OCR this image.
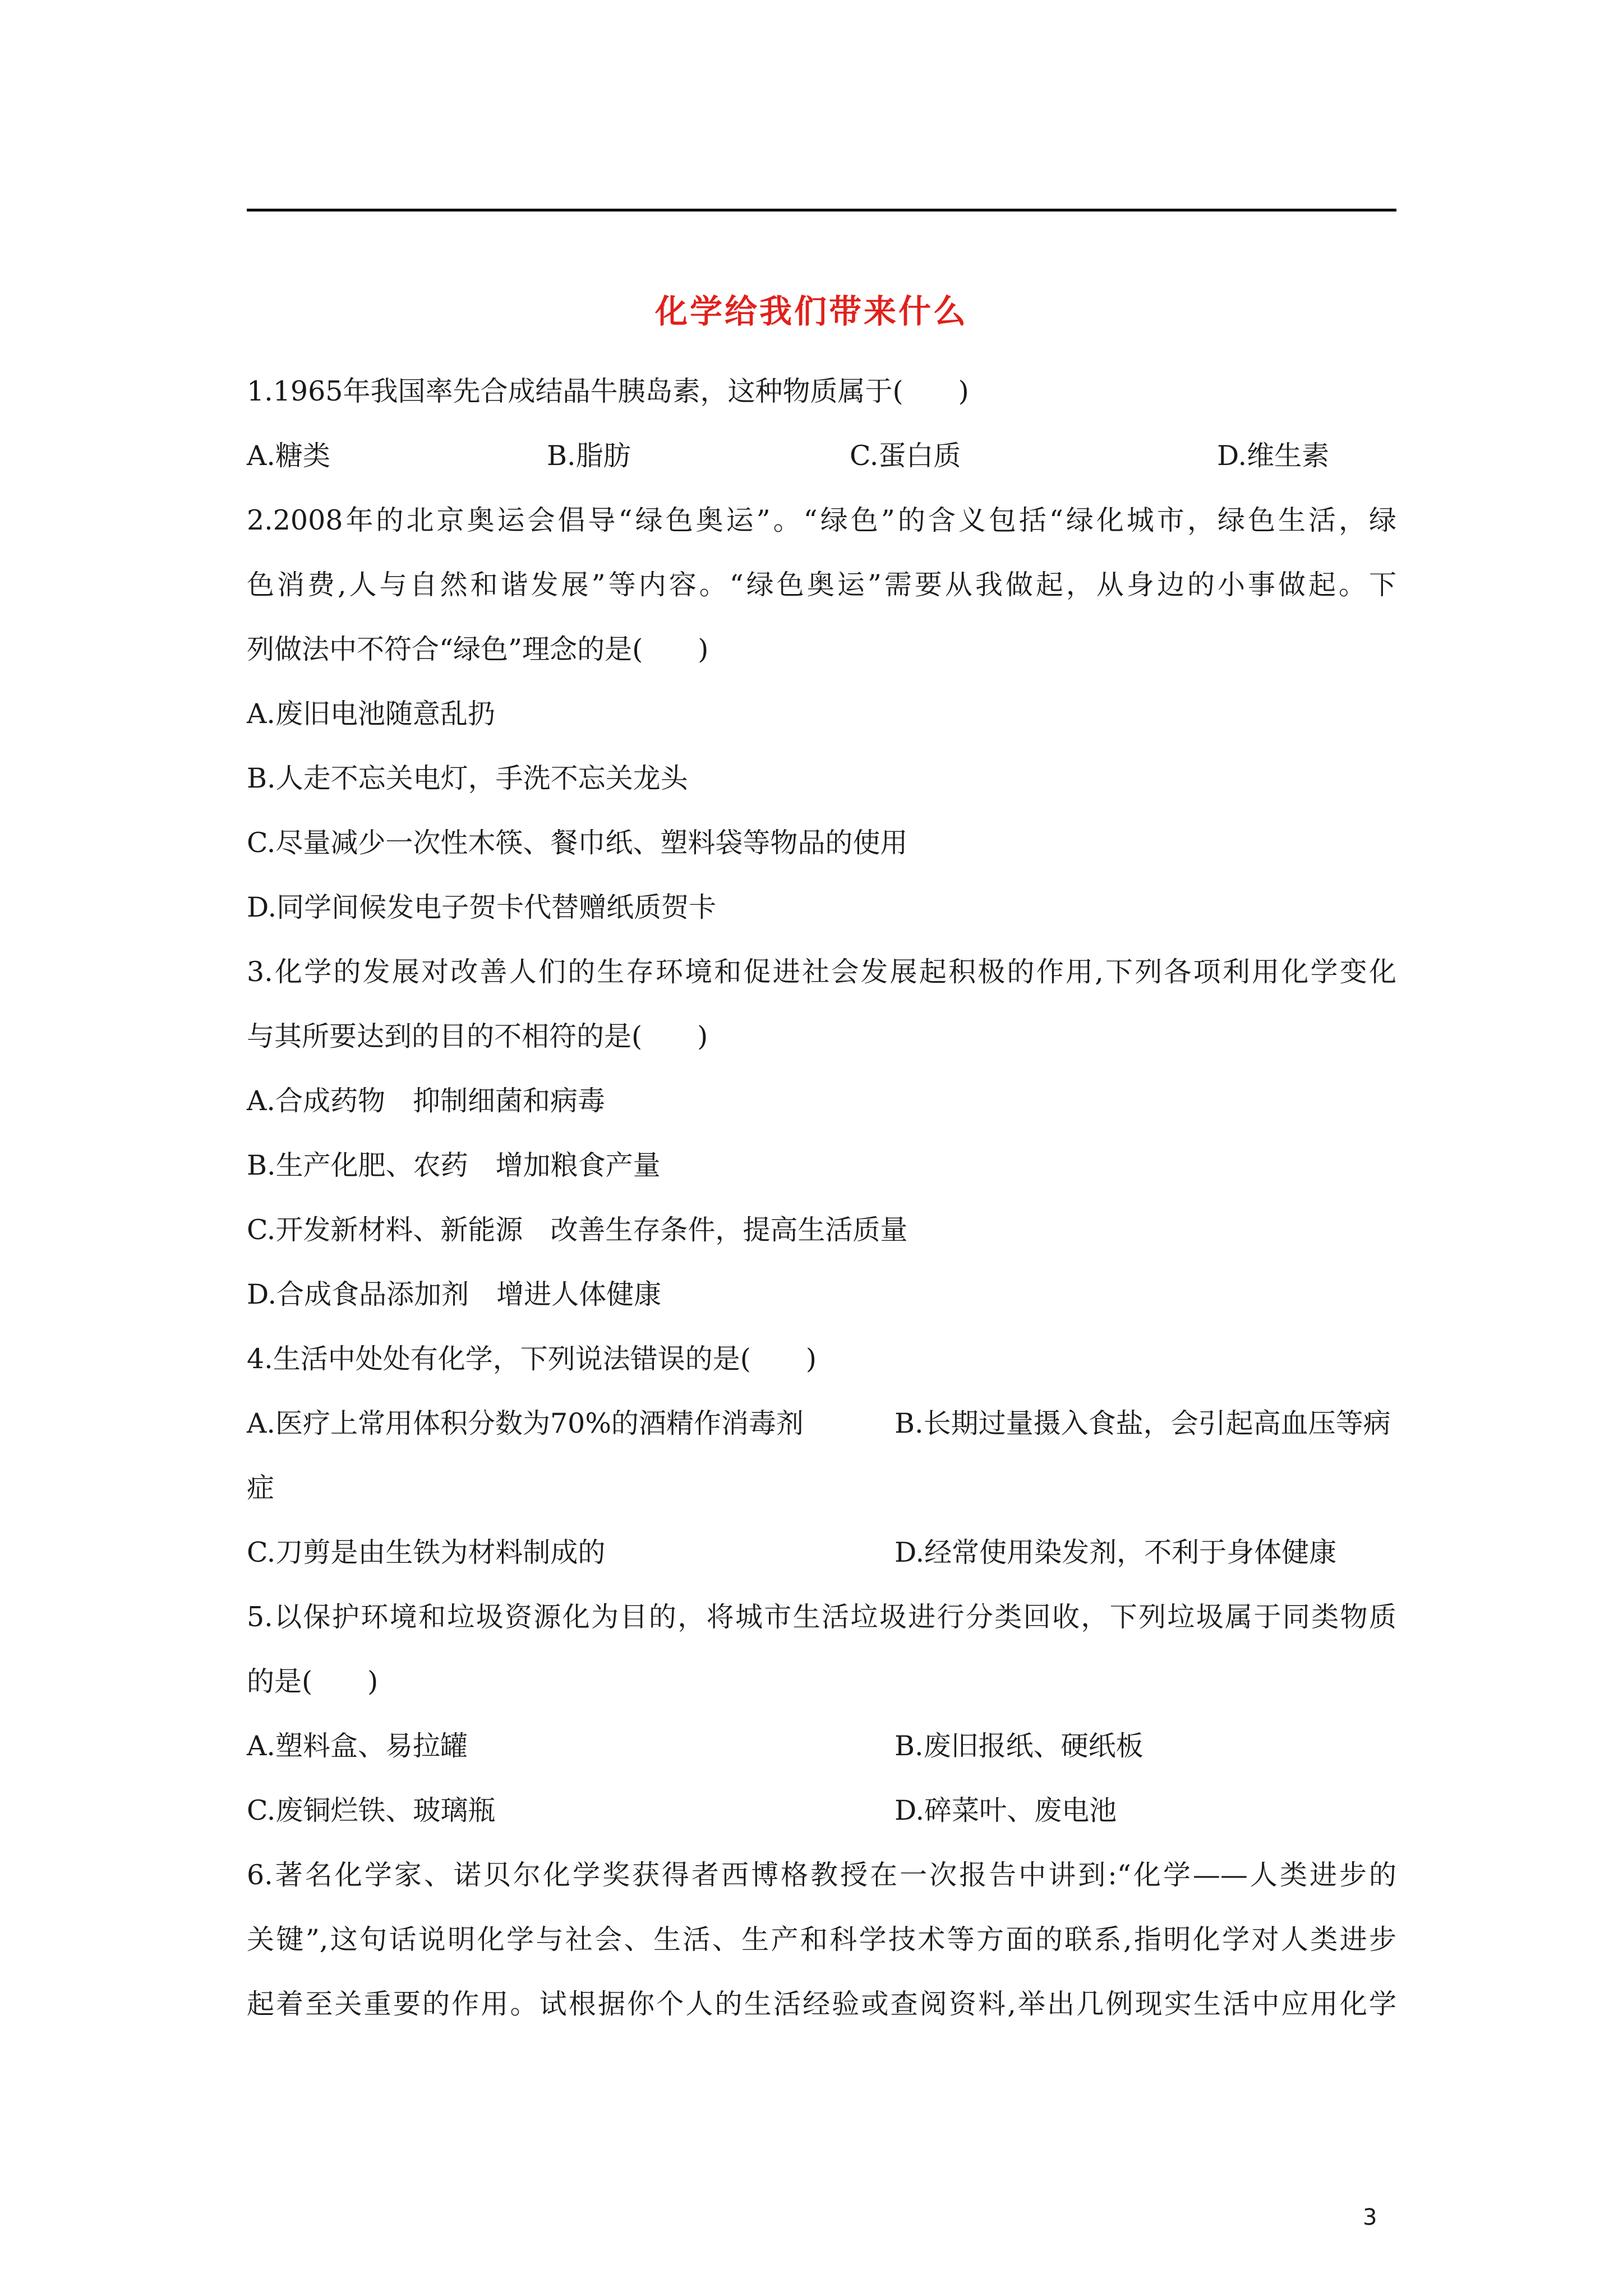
化学给我们带来什么
1.1965年我国率先合成结晶牛胰岛素，这种物质属于(　　)
A.糖类	B.脂肪	C.蛋白质	D.维生素
2.2008年的北京奥运会倡导“绿色奥运”。“绿色”的含义包括“绿化城市，绿色生活，绿
色消费,人与自然和谐发展”等内容。“绿色奥运”需要从我做起，从身边的小事做起。下
列做法中不符合“绿色”理念的是(　　)
A.废旧电池随意乱扔
B.人走不忘关电灯，手洗不忘关龙头
C.尽量减少一次性木筷、餐巾纸、塑料袋等物品的使用
D.同学间候发电子贺卡代替赠纸质贺卡
3.化学的发展对改善人们的生存环境和促进社会发展起积极的作用,下列各项利用化学变化
与其所要达到的目的不相符的是(　　)
A.合成药物　抑制细菌和病毒
B.生产化肥、农药　增加粮食产量
C.开发新材料、新能源　改善生存条件，提高生活质量
D.合成食品添加剂　增进人体健康
4.生活中处处有化学，下列说法错误的是(　　)
A.医疗上常用体积分数为70%的酒精作消毒剂	B.长期过量摄入食盐，会引起高血压等病
症
C.刀剪是由生铁为材料制成的	D.经常使用染发剂，不利于身体健康
5.以保护环境和垃圾资源化为目的，将城市生活垃圾进行分类回收，下列垃圾属于同类物质
的是(　　)
A.塑料盒、易拉罐	B.废旧报纸、硬纸板
C.废铜烂铁、玻璃瓶	D.碎菜叶、废电池
6.著名化学家、诺贝尔化学奖获得者西博格教授在一次报告中讲到:“化学——人类进步的
关键”,这句话说明化学与社会、生活、生产和科学技术等方面的联系,指明化学对人类进步
起着至关重要的作用。试根据你个人的生活经验或查阅资料,举出几例现实生活中应用化学
3
